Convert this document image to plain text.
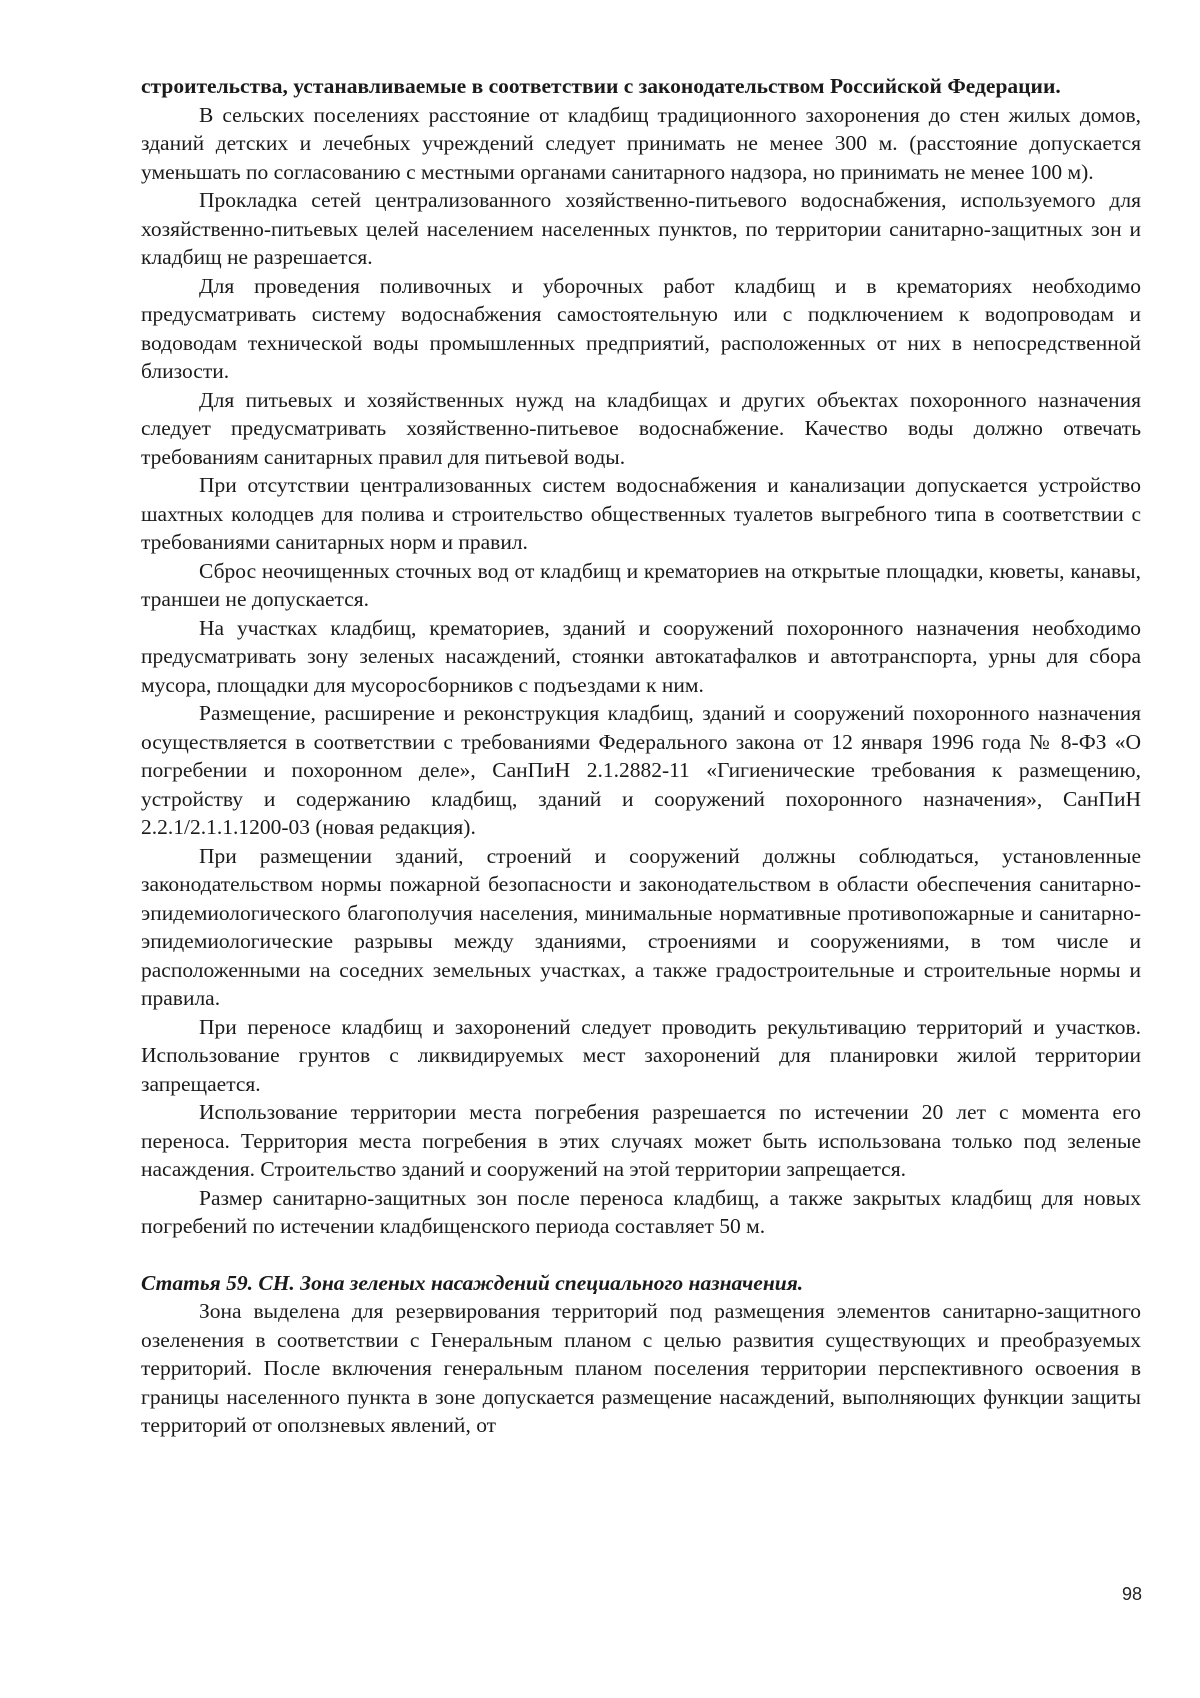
строительства, устанавливаемые в соответствии с законодательством Российской Федерации.

В сельских поселениях расстояние от кладбищ традиционного захоронения до стен жилых домов, зданий детских и лечебных учреждений следует принимать не менее 300 м. (расстояние допускается уменьшать по согласованию с местными органами санитарного надзора, но принимать не менее 100 м).

Прокладка сетей централизованного хозяйственно-питьевого водоснабжения, используемого для хозяйственно-питьевых целей населением населенных пунктов, по территории санитарно-защитных зон и кладбищ не разрешается.

Для проведения поливочных и уборочных работ кладбищ и в крематориях необходимо предусматривать систему водоснабжения самостоятельную или с подключением к водопроводам и водоводам технической воды промышленных предприятий, расположенных от них в непосредственной близости.

Для питьевых и хозяйственных нужд на кладбищах и других объектах похоронного назначения следует предусматривать хозяйственно-питьевое водоснабжение. Качество воды должно отвечать требованиям санитарных правил для питьевой воды.

При отсутствии централизованных систем водоснабжения и канализации допускается устройство шахтных колодцев для полива и строительство общественных туалетов выгребного типа в соответствии с требованиями санитарных норм и правил.

Сброс неочищенных сточных вод от кладбищ и крематориев на открытые площадки, кюветы, канавы, траншеи не допускается.

На участках кладбищ, крематориев, зданий и сооружений похоронного назначения необходимо предусматривать зону зеленых насаждений, стоянки автокатафалков и автотранспорта, урны для сбора мусора, площадки для мусоросборников с подъездами к ним.

Размещение, расширение и реконструкция кладбищ, зданий и сооружений похоронного назначения осуществляется в соответствии с требованиями Федерального закона от 12 января 1996 года № 8-ФЗ «О погребении и похоронном деле», СанПиН 2.1.2882-11 «Гигиенические требования к размещению, устройству и содержанию кладбищ, зданий и сооружений похоронного назначения», СанПиН 2.2.1/2.1.1.1200-03 (новая редакция).

При размещении зданий, строений и сооружений должны соблюдаться, установленные законодательством нормы пожарной безопасности и законодательством в области обеспечения санитарно-эпидемиологического благополучия населения, минимальные нормативные противопожарные и санитарно-эпидемиологические разрывы между зданиями, строениями и сооружениями, в том числе и расположенными на соседних земельных участках, а также градостроительные и строительные нормы и правила.

При переносе кладбищ и захоронений следует проводить рекультивацию территорий и участков. Использование грунтов с ликвидируемых мест захоронений для планировки жилой территории запрещается.

Использование территории места погребения разрешается по истечении 20 лет с момента его переноса. Территория места погребения в этих случаях может быть использована только под зеленые насаждения. Строительство зданий и сооружений на этой территории запрещается.

Размер санитарно-защитных зон после переноса кладбищ, а также закрытых кладбищ для новых погребений по истечении кладбищенского периода составляет 50 м.

Статья 59. СН. Зона зеленых насаждений специального назначения.

Зона выделена для резервирования территорий под размещения элементов санитарно-защитного озеленения в соответствии с Генеральным планом с целью развития существующих и преобразуемых территорий. После включения генеральным планом поселения территории перспективного освоения в границы населенного пункта в зоне допускается размещение насаждений, выполняющих функции защиты территорий от оползневых явлений, от

98
